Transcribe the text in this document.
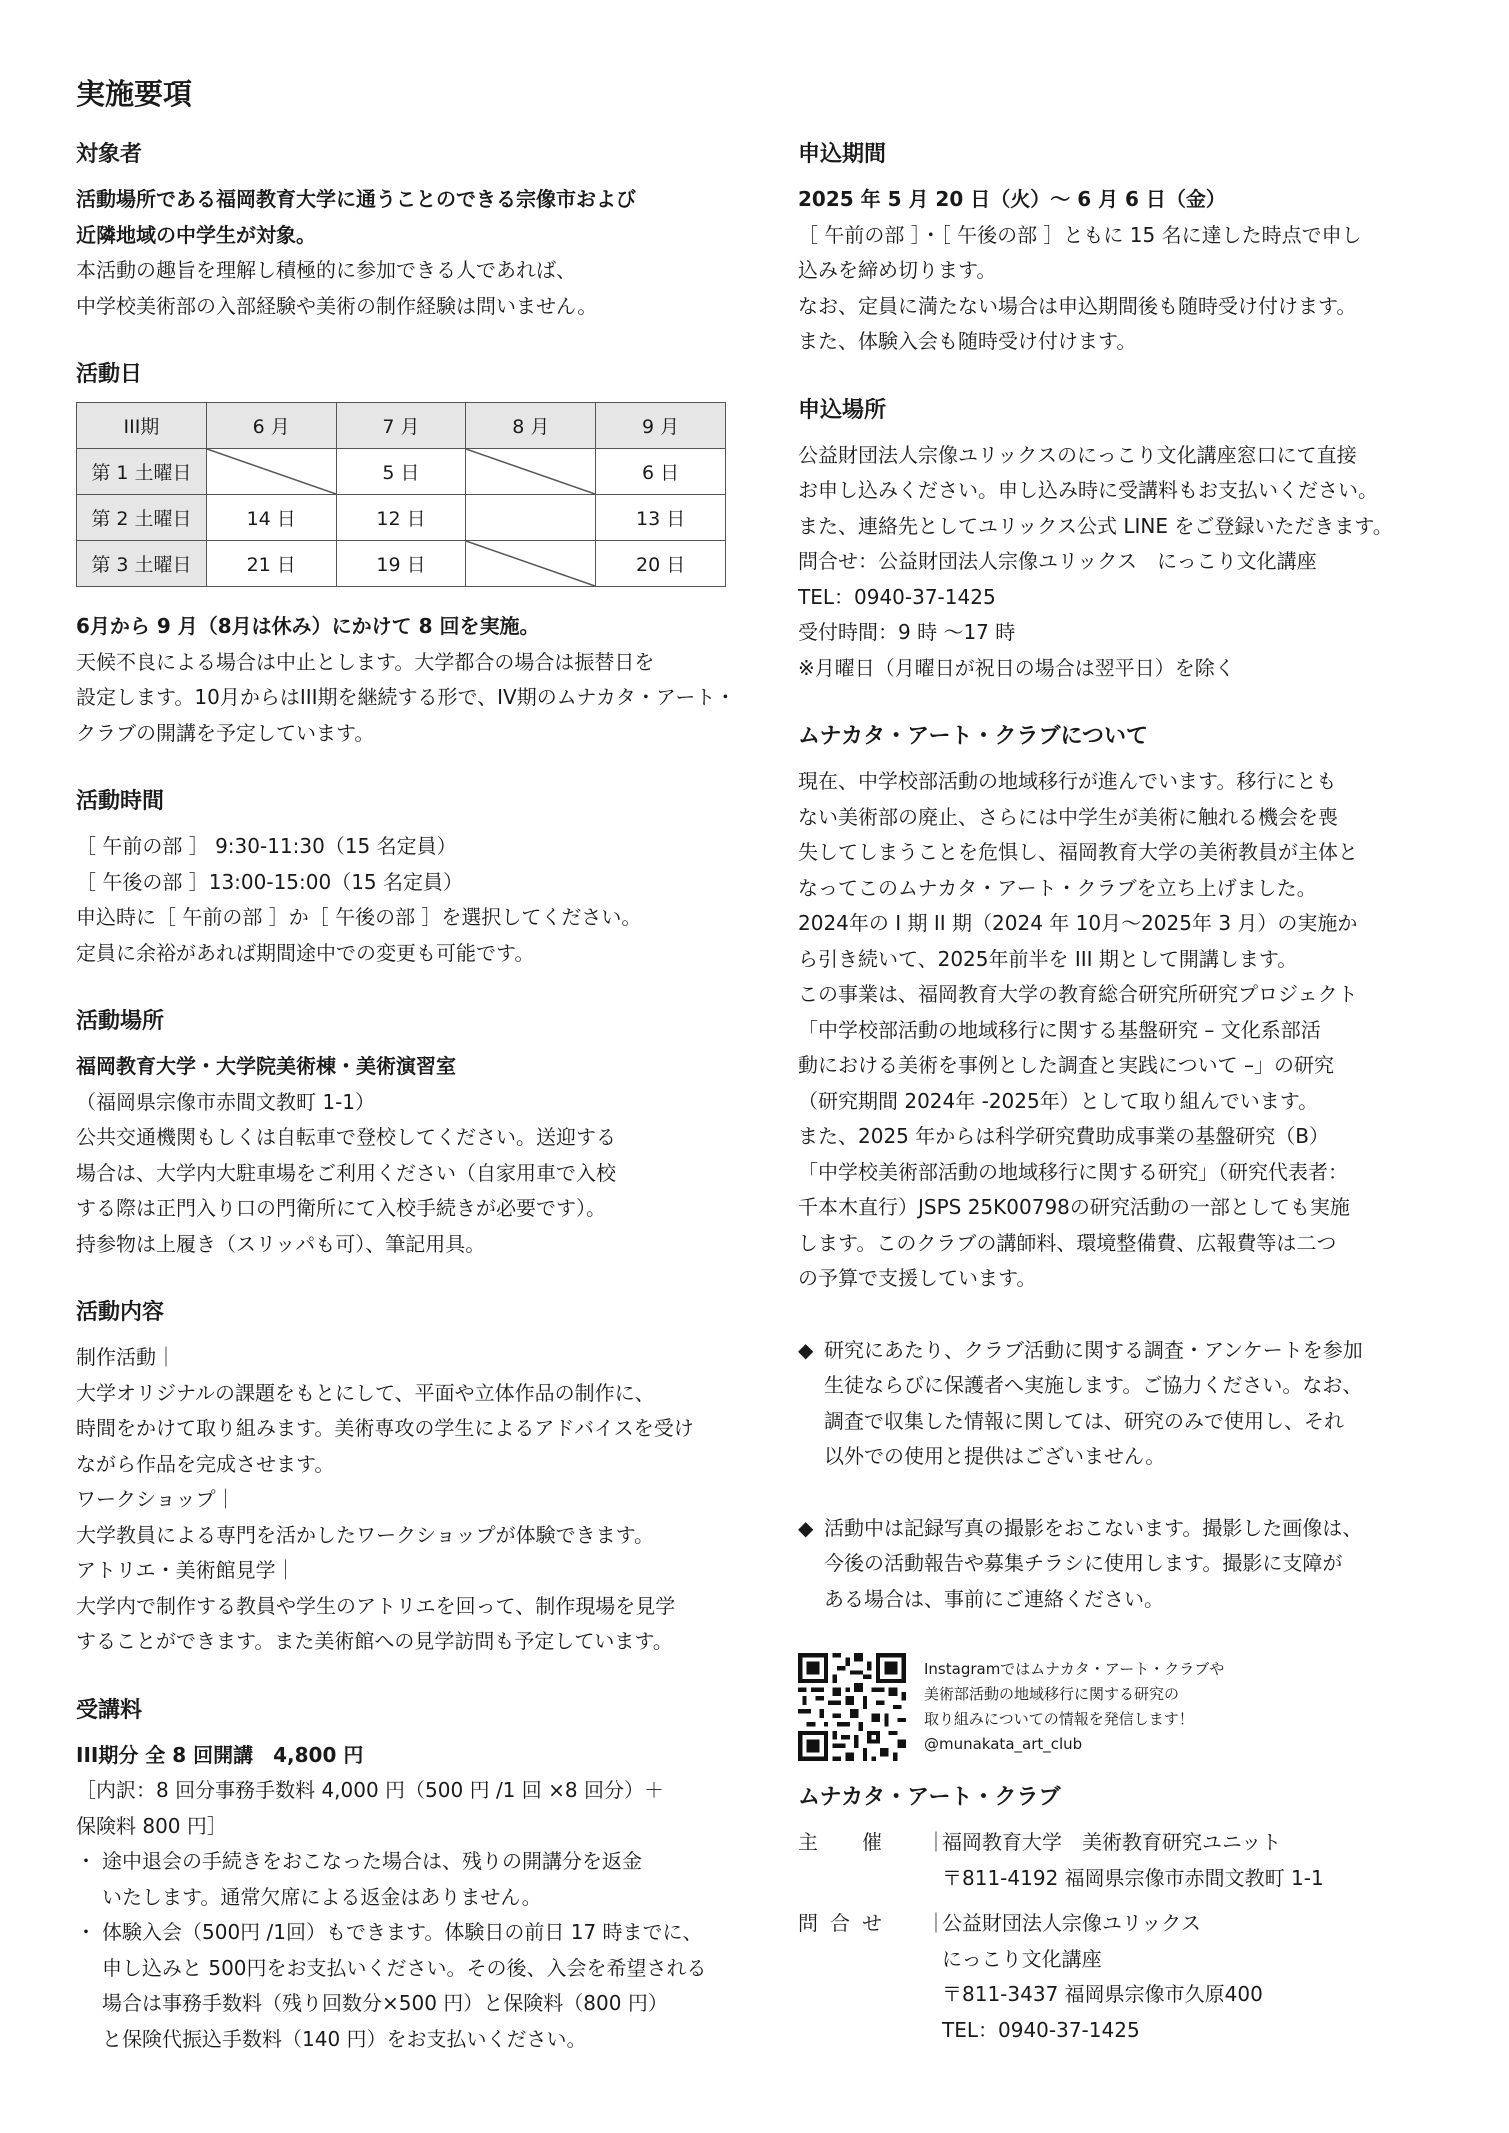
実施要項
対象者
活動場所である福岡教育大学に通うことのできる宗像市および
近隣地域の中学生が対象。
本活動の趣旨を理解し積極的に参加できる人であれば、
中学校美術部の入部経験や美術の制作経験は問いません。
活動日
III期	6 月	7 月	8 月	9 月
第 1 土曜日		5 日		6 日
第 2 土曜日	14 日	12 日		13 日
第 3 土曜日	21 日	19 日		20 日
6月から 9 月（8月は休み）にかけて 8 回を実施。
天候不良による場合は中止とします。大学都合の場合は振替日を
設定します。10月からはIII期を継続する形で、IV期のムナカタ・アート・
クラブの開講を予定しています。
活動時間
［ 午前の部 ］ 9:30-11:30（15 名定員）
［ 午後の部 ］13:00-15:00（15 名定員）
申込時に［ 午前の部 ］か［ 午後の部 ］を選択してください。
定員に余裕があれば期間途中での変更も可能です。
活動場所
福岡教育大学・大学院美術棟・美術演習室
（福岡県宗像市赤間文教町 1-1）
公共交通機関もしくは自転車で登校してください。送迎する
場合は、大学内大駐車場をご利用ください（自家用車で入校
する際は正門入り口の門衛所にて入校手続きが必要です）。
持参物は上履き（スリッパも可）、筆記用具。
活動内容
制作活動｜
大学オリジナルの課題をもとにして、平面や立体作品の制作に、
時間をかけて取り組みます。美術専攻の学生によるアドバイスを受け
ながら作品を完成させます。
ワークショップ｜
大学教員による専門を活かしたワークショップが体験できます。
アトリエ・美術館見学｜
大学内で制作する教員や学生のアトリエを回って、制作現場を見学
することができます。また美術館への見学訪問も予定しています。
受講料
III期分 全 8 回開講　4,800 円
［内訳：8 回分事務手数料 4,000 円（500 円 /1 回 ×8 回分）＋
保険料 800 円］
・ 途中退会の手続きをおこなった場合は、残りの開講分を返金
いたします。通常欠席による返金はありません。
・ 体験入会（500円 /1回）もできます。体験日の前日 17 時までに、
申し込みと 500円をお支払いください。その後、入会を希望される
場合は事務手数料（残り回数分×500 円）と保険料（800 円）
と保険代振込手数料（140 円）をお支払いください。
申込期間
2025 年 5 月 20 日（火）～ 6 月 6 日（金）
［ 午前の部 ］・［ 午後の部 ］ともに 15 名に達した時点で申し
込みを締め切ります。
なお、定員に満たない場合は申込期間後も随時受け付けます。
また、体験入会も随時受け付けます。
申込場所
公益財団法人宗像ユリックスのにっこり文化講座窓口にて直接
お申し込みください。申し込み時に受講料もお支払いください。
また、連絡先としてユリックス公式 LINE をご登録いただきます。
問合せ：公益財団法人宗像ユリックス　にっこり文化講座
TEL：0940-37-1425
受付時間：9 時 ～17 時
※月曜日（月曜日が祝日の場合は翌平日）を除く
ムナカタ・アート・クラブについて
現在、中学校部活動の地域移行が進んでいます。移行にとも
ない美術部の廃止、さらには中学生が美術に触れる機会を喪
失してしまうことを危惧し、福岡教育大学の美術教員が主体と
なってこのムナカタ・アート・クラブを立ち上げました。
2024年の I 期 II 期（2024 年 10月～2025年 3 月）の実施か
ら引き続いて、2025年前半を III 期として開講します。
この事業は、福岡教育大学の教育総合研究所研究プロジェクト
「中学校部活動の地域移行に関する基盤研究 – 文化系部活
動における美術を事例とした調査と実践について –」の研究
（研究期間 2024年 -2025年）として取り組んでいます。
また、2025 年からは科学研究費助成事業の基盤研究（B）
「中学校美術部活動の地域移行に関する研究」（研究代表者：
千本木直行）JSPS 25K00798の研究活動の一部としても実施
します。このクラブの講師料、環境整備費、広報費等は二つ
の予算で支援しています。
◆ 研究にあたり、クラブ活動に関する調査・アンケートを参加
生徒ならびに保護者へ実施します。ご協力ください。なお、
調査で収集した情報に関しては、研究のみで使用し、それ
以外での使用と提供はございません。
◆ 活動中は記録写真の撮影をおこないます。撮影した画像は、
今後の活動報告や募集チラシに使用します。撮影に支障が
ある場合は、事前にご連絡ください。
Instagramではムナカタ・アート・クラブや
美術部活動の地域移行に関する研究の
取り組みについての情報を発信します！
@munakata_art_club
ムナカタ・アート・クラブ
主　催	｜
福岡教育大学　美術教育研究ユニット
〒811-4192 福岡県宗像市赤間文教町 1-1
問合せ	｜
公益財団法人宗像ユリックス
にっこり文化講座
〒811-3437 福岡県宗像市久原400
TEL：0940-37-1425
